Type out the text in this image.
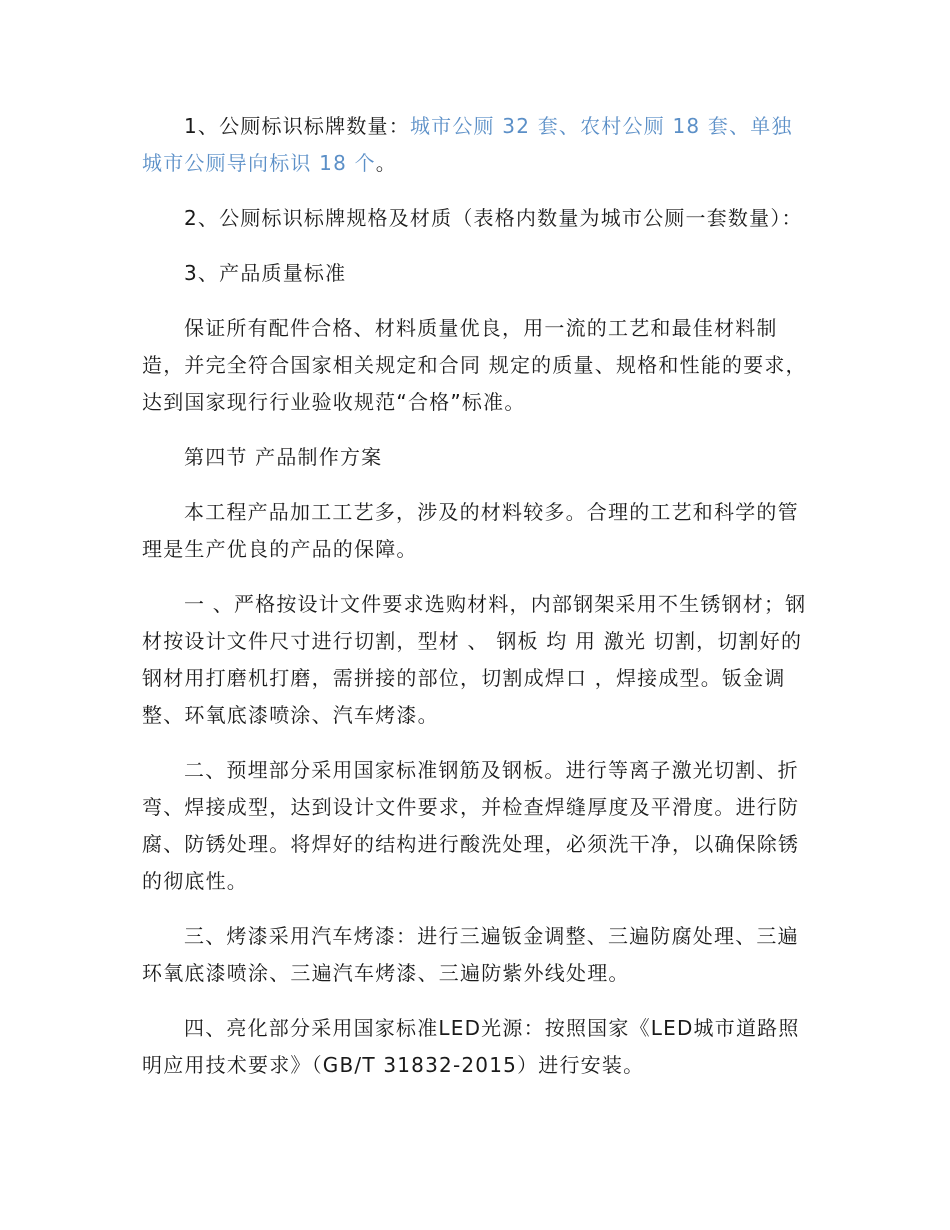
1、公厕标识标牌数量：城市公厕 32 套、农村公厕 18 套、单独城市公厕导向标识 18 个。

2、公厕标识标牌规格及材质（表格内数量为城市公厕一套数量）：

3、产品质量标准

保证所有配件合格、材料质量优良，用一流的工艺和最佳材料制造，并完全符合国家相关规定和合同 规定的质量、规格和性能的要求，达到国家现行行业验收规范“合格”标准。

第四节 产品制作方案

本工程产品加工工艺多，涉及的材料较多。合理的工艺和科学的管理是生产优良的产品的保障。

一 、严格按设计文件要求选购材料，内部钢架采用不生锈钢材；钢材按设计文件尺寸进行切割，型材 、 钢板 均 用 激光 切割，切割好的钢材用打磨机打磨，需拼接的部位，切割成焊口 ，焊接成型。钣金调整、环氧底漆喷涂、汽车烤漆。

二、预埋部分采用国家标准钢筋及钢板。进行等离子激光切割、折弯、焊接成型，达到设计文件要求，并检查焊缝厚度及平滑度。进行防腐、防锈处理。将焊好的结构进行酸洗处理，必须洗干净，以确保除锈的彻底性。

三、烤漆采用汽车烤漆：进行三遍钣金调整、三遍防腐处理、三遍环氧底漆喷涂、三遍汽车烤漆、三遍防紫外线处理。

四、亮化部分采用国家标准LED光源：按照国家《LED城市道路照明应用技术要求》（GB/T 31832-2015）进行安装。
